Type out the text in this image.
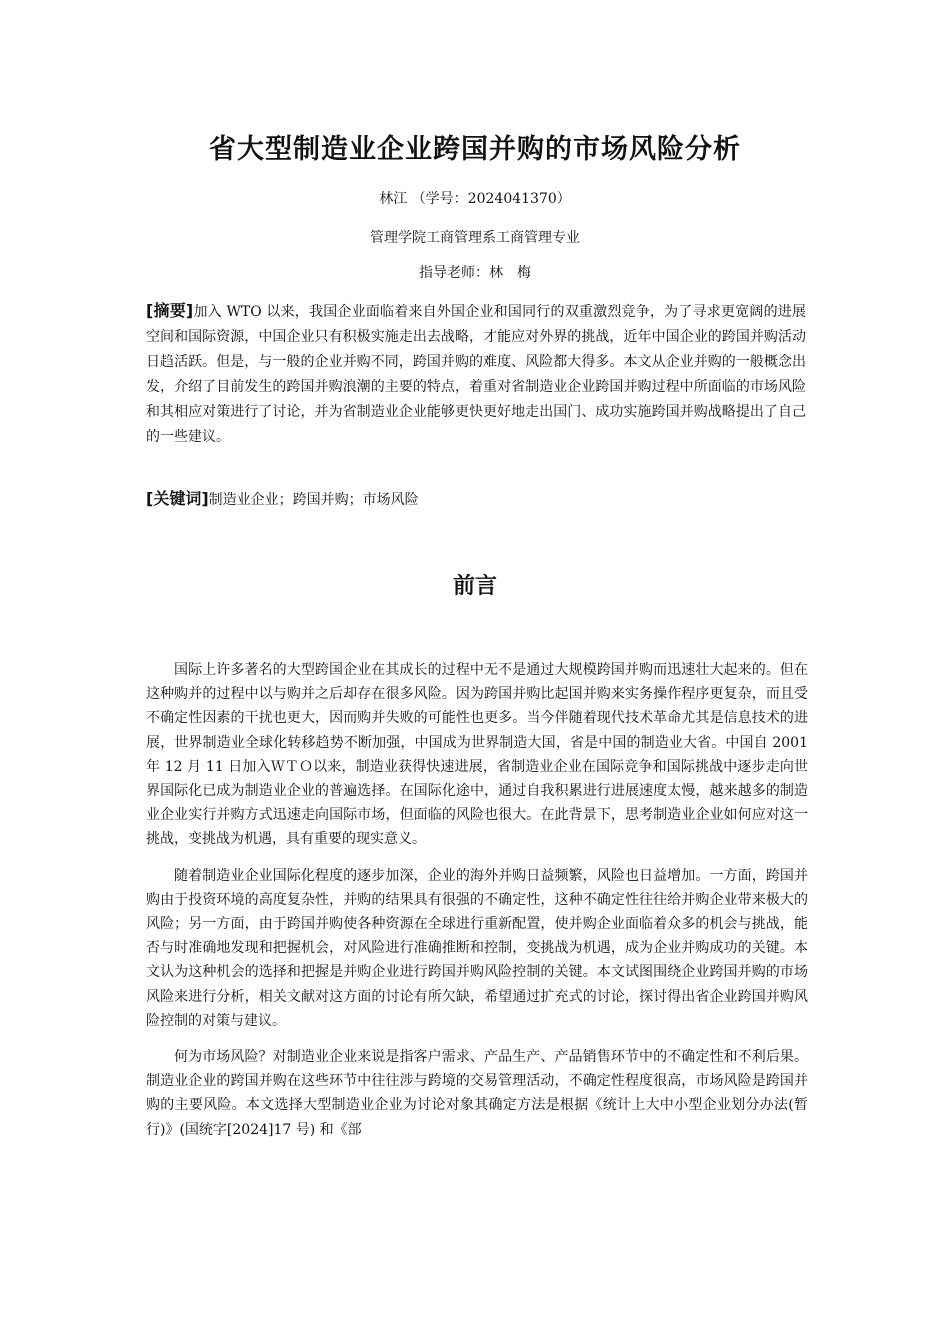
省大型制造业企业跨国并购的市场风险分析
林江 （学号：2024041370）
管理学院工商管理系工商管理专业
指导老师：林　梅
[摘要]加入 WTO 以来，我国企业面临着来自外国企业和国同行的双重激烈竞争，为了寻求更宽阔的进展空间和国际资源，中国企业只有积极实施走出去战略，才能应对外界的挑战，近年中国企业的跨国并购活动日趋活跃。但是，与一般的企业并购不同，跨国并购的难度、风险都大得多。本文从企业并购的一般概念出发，介绍了目前发生的跨国并购浪潮的主要的特点，着重对省制造业企业跨国并购过程中所面临的市场风险和其相应对策进行了讨论，并为省制造业企业能够更快更好地走出国门、成功实施跨国并购战略提出了自己的一些建议。
[关键词]制造业企业；跨国并购；市场风险
前言

国际上许多著名的大型跨国企业在其成长的过程中无不是通过大规模跨国并购而迅速壮大起来的。但在这种购并的过程中以与购并之后却存在很多风险。因为跨国并购比起国并购来实务操作程序更复杂，而且受不确定性因素的干扰也更大，因而购并失败的可能性也更多。当今伴随着现代技术革命尤其是信息技术的进展，世界制造业全球化转移趋势不断加强，中国成为世界制造大国，省是中国的制造业大省。中国自 2001 年 12 月 11 日加入ＷＴＯ以来，制造业获得快速进展，省制造业企业在国际竞争和国际挑战中逐步走向世界国际化已成为制造业企业的普遍选择。在国际化途中，通过自我积累进行进展速度太慢，越来越多的制造业企业实行并购方式迅速走向国际市场，但面临的风险也很大。在此背景下，思考制造业企业如何应对这一挑战，变挑战为机遇，具有重要的现实意义。

随着制造业企业国际化程度的逐步加深，企业的海外并购日益频繁，风险也日益增加。一方面，跨国并购由于投资环境的高度复杂性，并购的结果具有很强的不确定性，这种不确定性往往给并购企业带来极大的风险；另一方面，由于跨国并购使各种资源在全球进行重新配置，使并购企业面临着众多的机会与挑战，能否与时准确地发现和把握机会，对风险进行准确推断和控制，变挑战为机遇，成为企业并购成功的关键。本文认为这种机会的选择和把握是并购企业进行跨国并购风险控制的关键。本文试图围绕企业跨国并购的市场风险来进行分析，相关文献对这方面的讨论有所欠缺，希望通过扩充式的讨论，探讨得出省企业跨国并购风险控制的对策与建议。

何为市场风险？对制造业企业来说是指客户需求、产品生产、产品销售环节中的不确定性和不利后果。制造业企业的跨国并购在这些环节中往往涉与跨境的交易管理活动，不确定性程度很高，市场风险是跨国并购的主要风险。本文选择大型制造业企业为讨论对象其确定方法是根据《统计上大中小型企业划分办法(暂行)》(国统字[2024]17 号) 和《部
